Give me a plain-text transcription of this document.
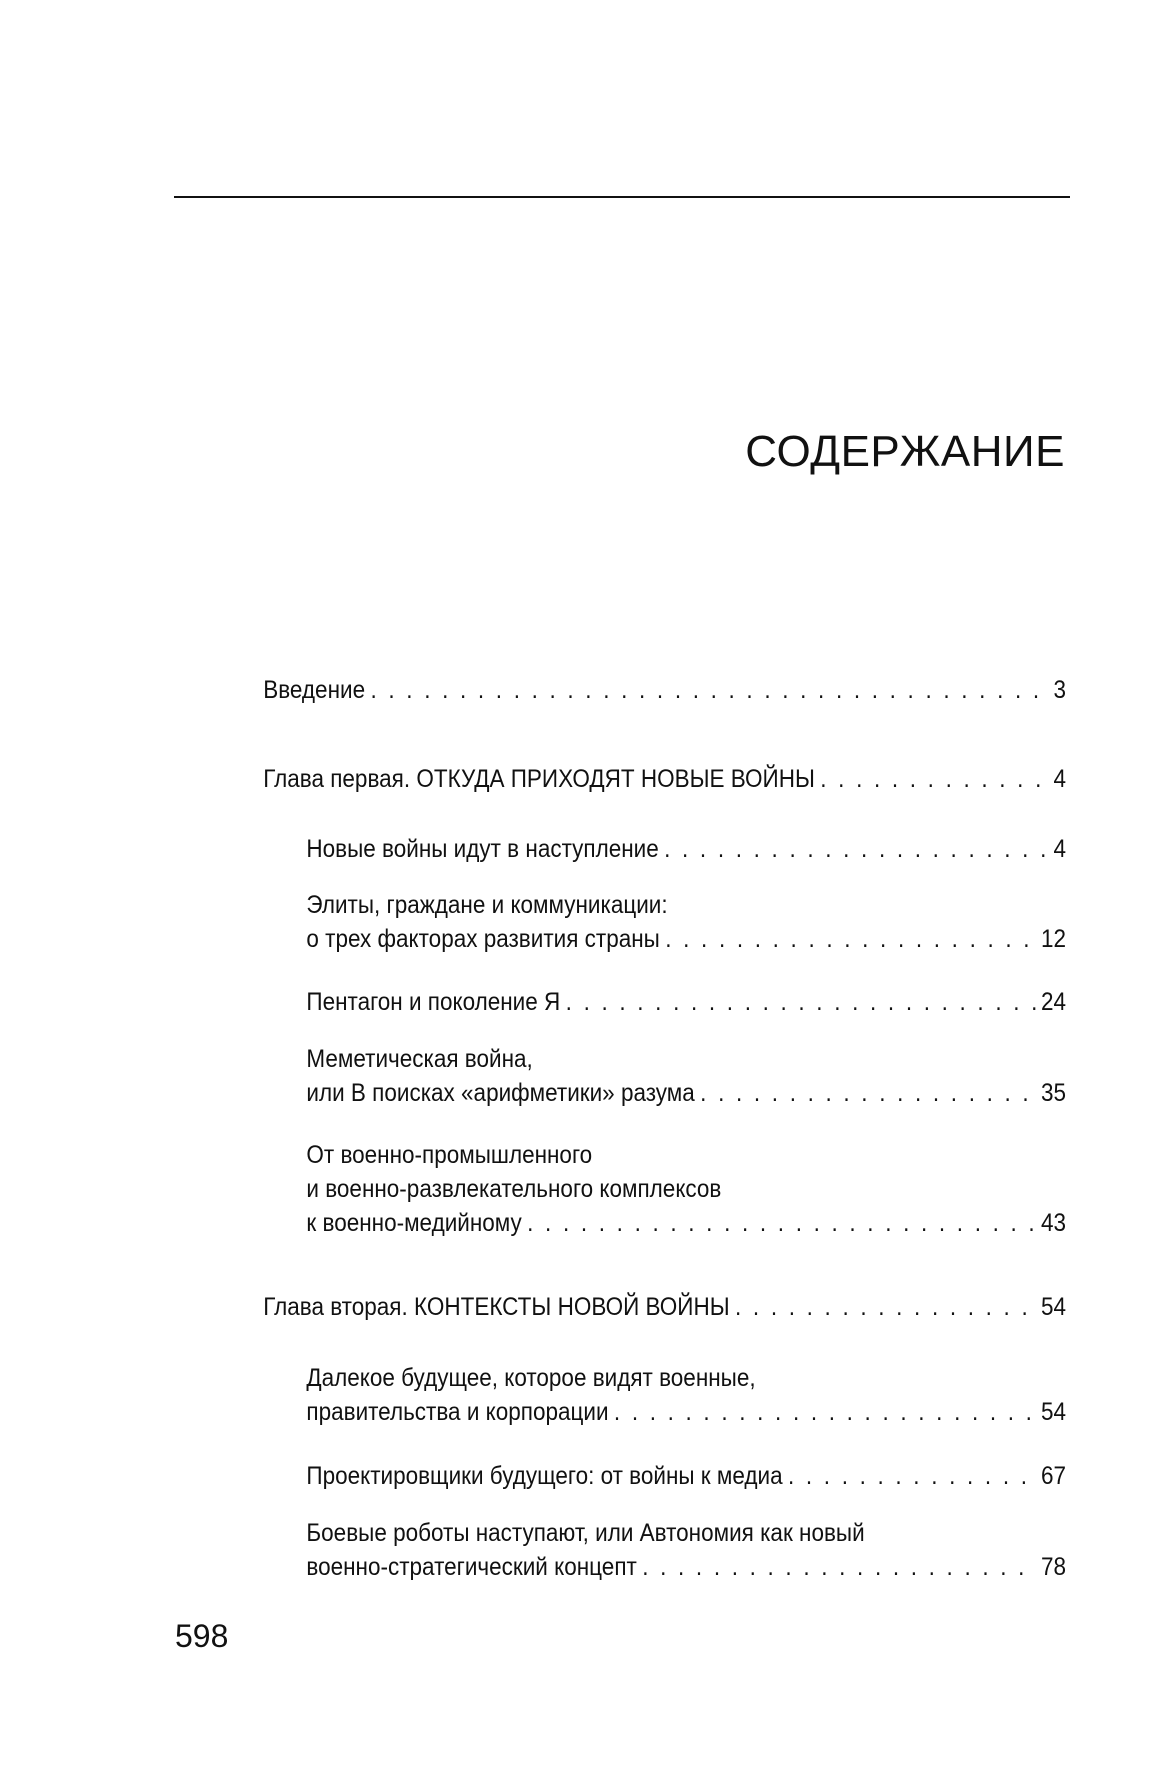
СОДЕРЖАНИЕ
Введение . . .	3
Глава первая. ОТКУДА ПРИХОДЯТ НОВЫЕ ВОЙНЫ . . .	4
Новые войны идут в наступление . . .	4
Элиты, граждане и коммуникации:
о трех факторах развития страны . . .	12
Пентагон и поколение Я . . .	24
Меметическая война,
или В поисках «арифметики» разума . . .	35
От военно-промышленного
и военно-развлекательного комплексов
к военно-медийному . . .	43
Глава вторая. КОНТЕКСТЫ НОВОЙ ВОЙНЫ . . .	54
Далекое будущее, которое видят военные,
правительства и корпорации . . .	54
Проектировщики будущего: от войны к медиа . . .	67
Боевые роботы наступают, или Автономия как новый
военно-стратегический концепт . . .	78
598
